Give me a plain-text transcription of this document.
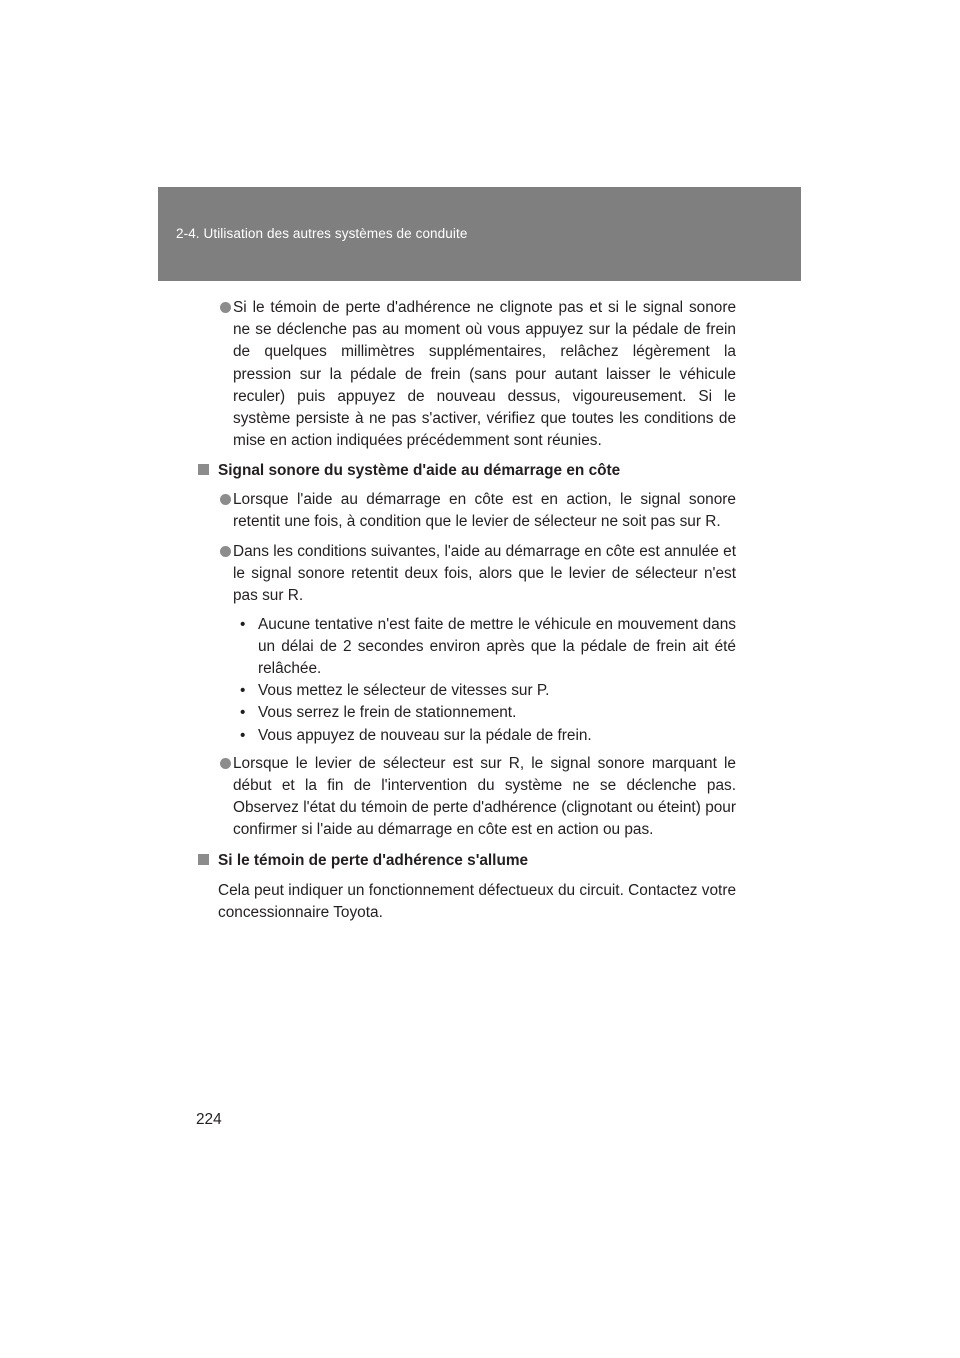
2-4. Utilisation des autres systèmes de conduite
Si le témoin de perte d'adhérence ne clignote pas et si le signal sonore ne se déclenche pas au moment où vous appuyez sur la pédale de frein de quelques millimètres supplémentaires, relâchez légèrement la pression sur la pédale de frein (sans pour autant laisser le véhicule reculer) puis appuyez de nouveau dessus, vigoureusement. Si le système persiste à ne pas s'activer, vérifiez que toutes les conditions de mise en action indiquées précédemment sont réunies.
Signal sonore du système d'aide au démarrage en côte
Lorsque l'aide au démarrage en côte est en action, le signal sonore retentit une fois, à condition que le levier de sélecteur ne soit pas sur R.
Dans les conditions suivantes, l'aide au démarrage en côte est annulée et le signal sonore retentit deux fois, alors que le levier de sélecteur n'est pas sur R.
• Aucune tentative n'est faite de mettre le véhicule en mouvement dans un délai de 2 secondes environ après que la pédale de frein ait été relâchée.
• Vous mettez le sélecteur de vitesses sur P.
• Vous serrez le frein de stationnement.
• Vous appuyez de nouveau sur la pédale de frein.
Lorsque le levier de sélecteur est sur R, le signal sonore marquant le début et la fin de l'intervention du système ne se déclenche pas. Observez l'état du témoin de perte d'adhérence (clignotant ou éteint) pour confirmer si l'aide au démarrage en côte est en action ou pas.
Si le témoin de perte d'adhérence s'allume
Cela peut indiquer un fonctionnement défectueux du circuit. Contactez votre concessionnaire Toyota.
224
